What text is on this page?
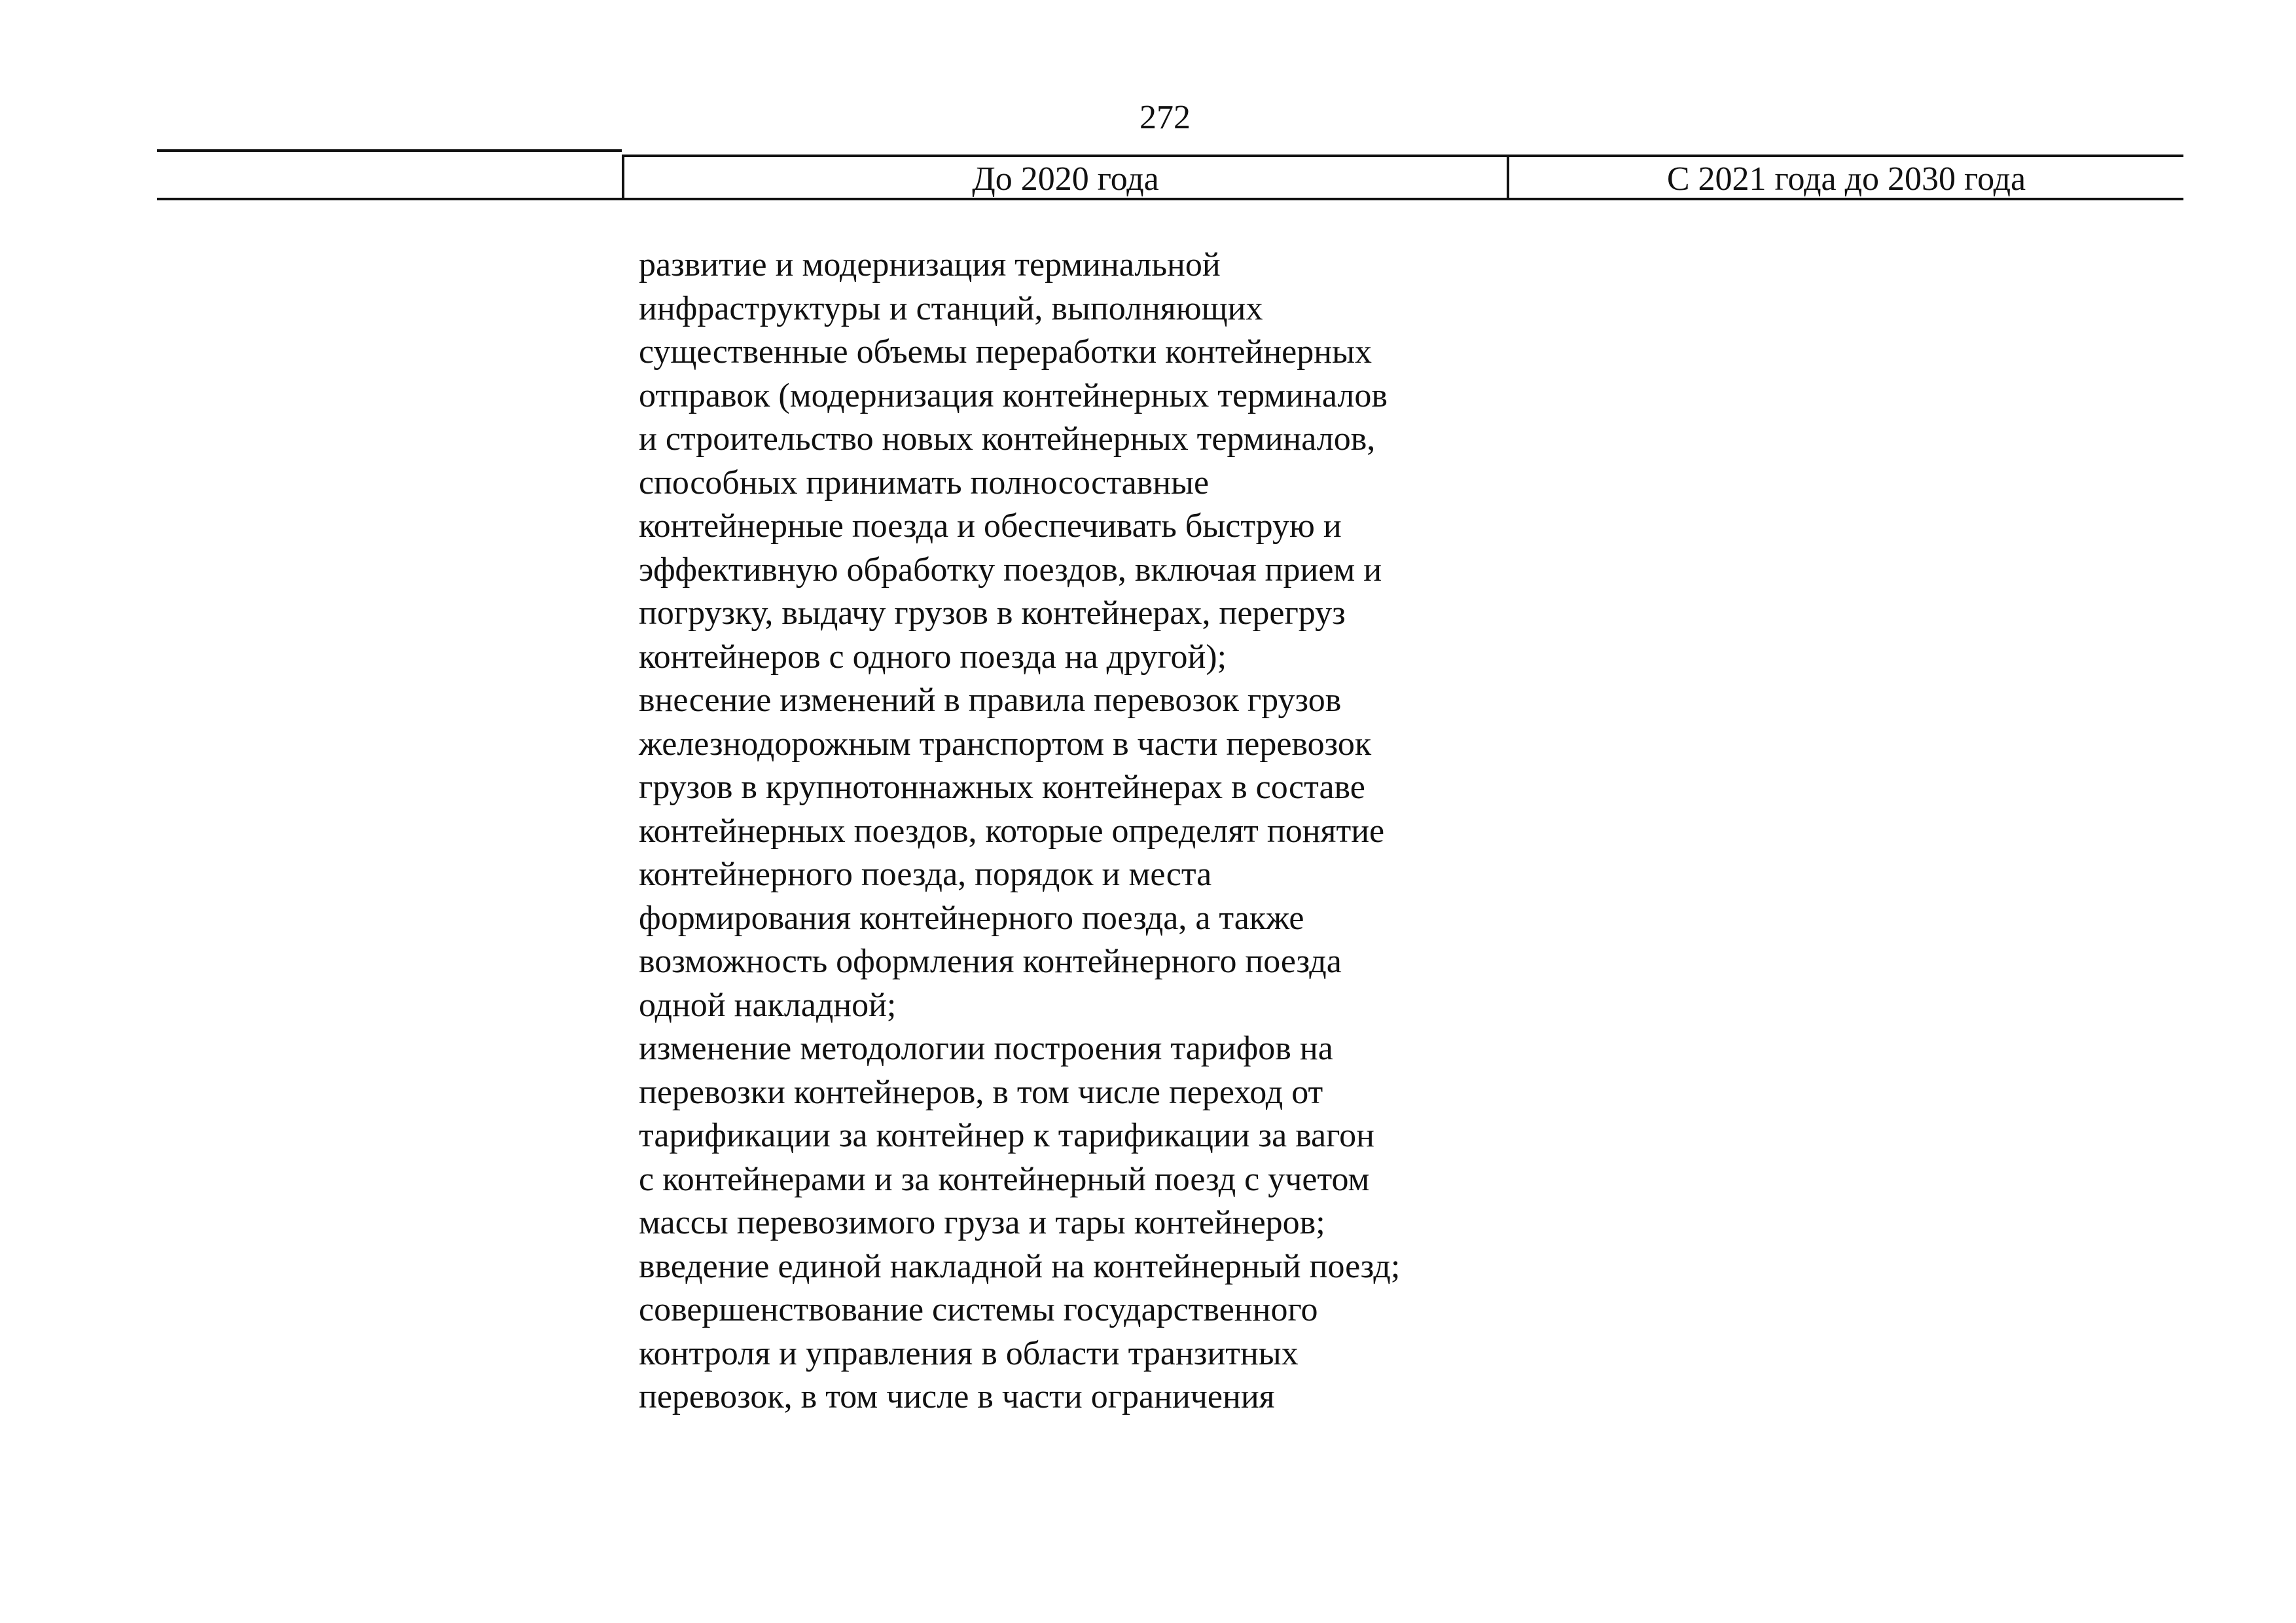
272
До 2020 года	С 2021 года до 2030 года
развитие и модернизация терминальной
инфраструктуры и станций, выполняющих
существенные объемы переработки контейнерных
отправок (модернизация контейнерных терминалов
и строительство новых контейнерных терминалов,
способных принимать полносоставные
контейнерные поезда и обеспечивать быструю и
эффективную обработку поездов, включая прием и
погрузку, выдачу грузов в контейнерах, перегруз
контейнеров с одного поезда на другой);
внесение изменений в правила перевозок грузов
железнодорожным транспортом в части перевозок
грузов в крупнотоннажных контейнерах в составе
контейнерных поездов, которые определят понятие
контейнерного поезда, порядок и места
формирования контейнерного поезда, а также
возможность оформления контейнерного поезда
одной накладной;
изменение методологии построения тарифов на
перевозки контейнеров, в том числе переход от
тарификации за контейнер к тарификации за вагон
с контейнерами и за контейнерный поезд с учетом
массы перевозимого груза и тары контейнеров;
введение единой накладной на контейнерный поезд;
совершенствование системы государственного
контроля и управления в области транзитных
перевозок, в том числе в части ограничения
